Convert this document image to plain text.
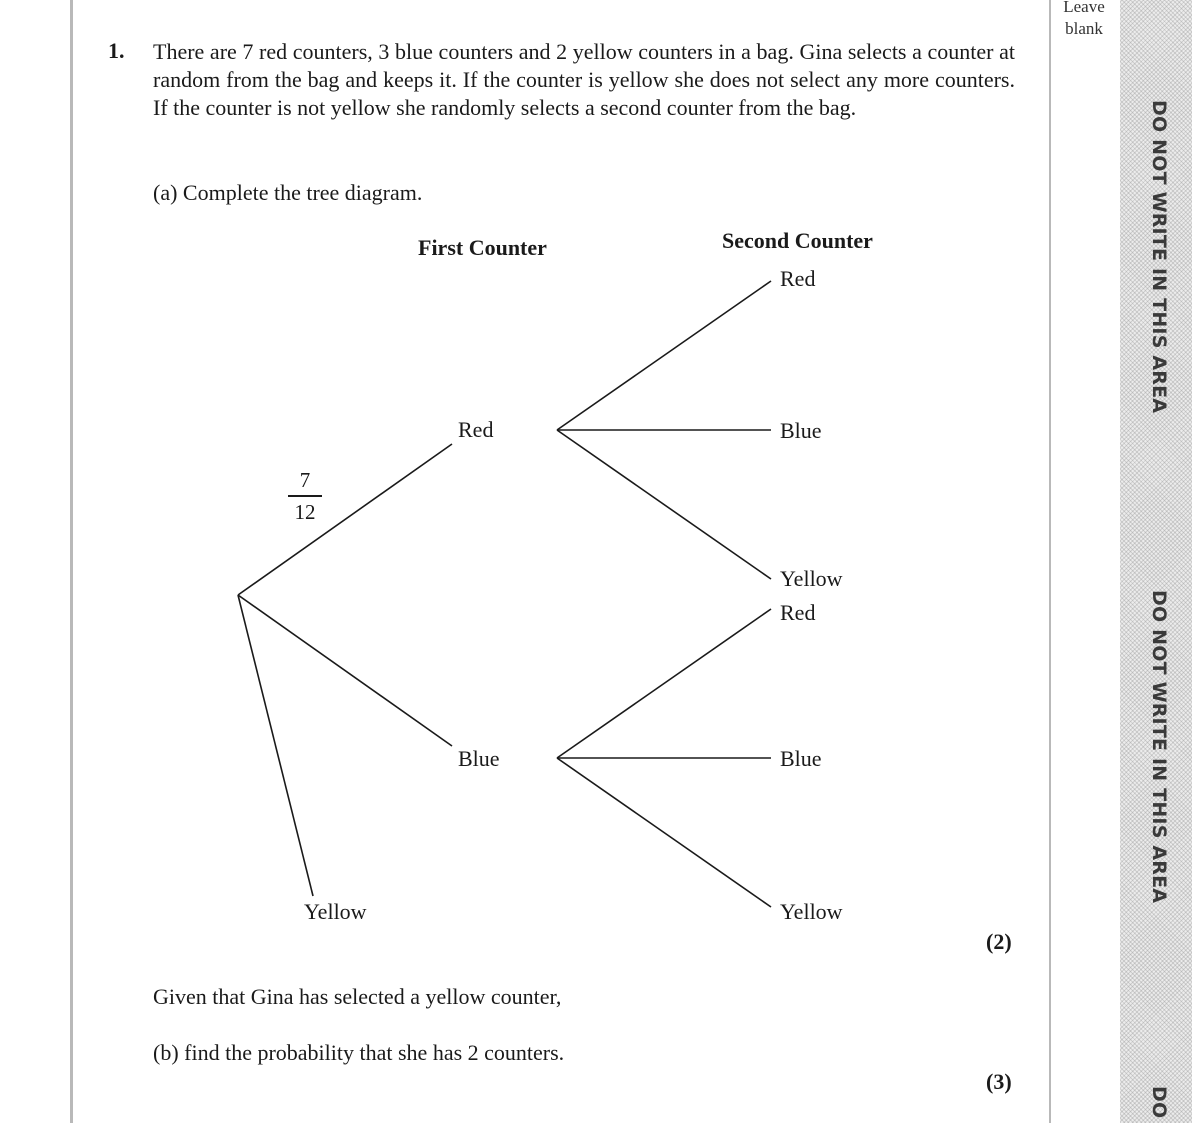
Leave
blank
DO NOT WRITE IN THIS AREA
DO NOT WRITE IN THIS AREA
DO
1. There are 7 red counters, 3 blue counters and 2 yellow counters in a bag. Gina selects a counter at random from the bag and keeps it. If the counter is yellow she does not select any more counters. If the counter is not yellow she randomly selects a second counter from the bag.

(a) Complete the tree diagram.
First Counter	Second Counter
7
12
Red
Blue
Yellow
Red
Blue
Yellow
Red
Blue
Yellow
(2)
Given that Gina has selected a yellow counter,
(b) find the probability that she has 2 counters.
(3)
